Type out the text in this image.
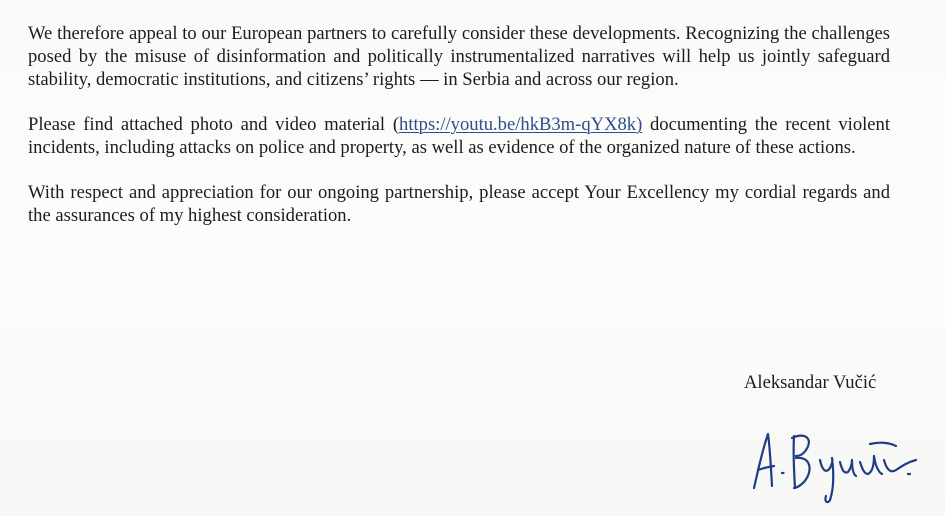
We therefore appeal to our European partners to carefully consider these developments. Recognizing the challenges posed by the misuse of disinformation and politically instrumentalized narratives will help us jointly safeguard stability, democratic institutions, and citizens’ rights — in Serbia and across our region.

Please find attached photo and video material (https://youtu.be/hkB3m-qYX8k) documenting the recent violent incidents, including attacks on police and property, as well as evidence of the organized nature of these actions.

With respect and appreciation for our ongoing partnership, please accept Your Excellency my cordial regards and the assurances of my highest consideration.

Aleksandar Vučić
